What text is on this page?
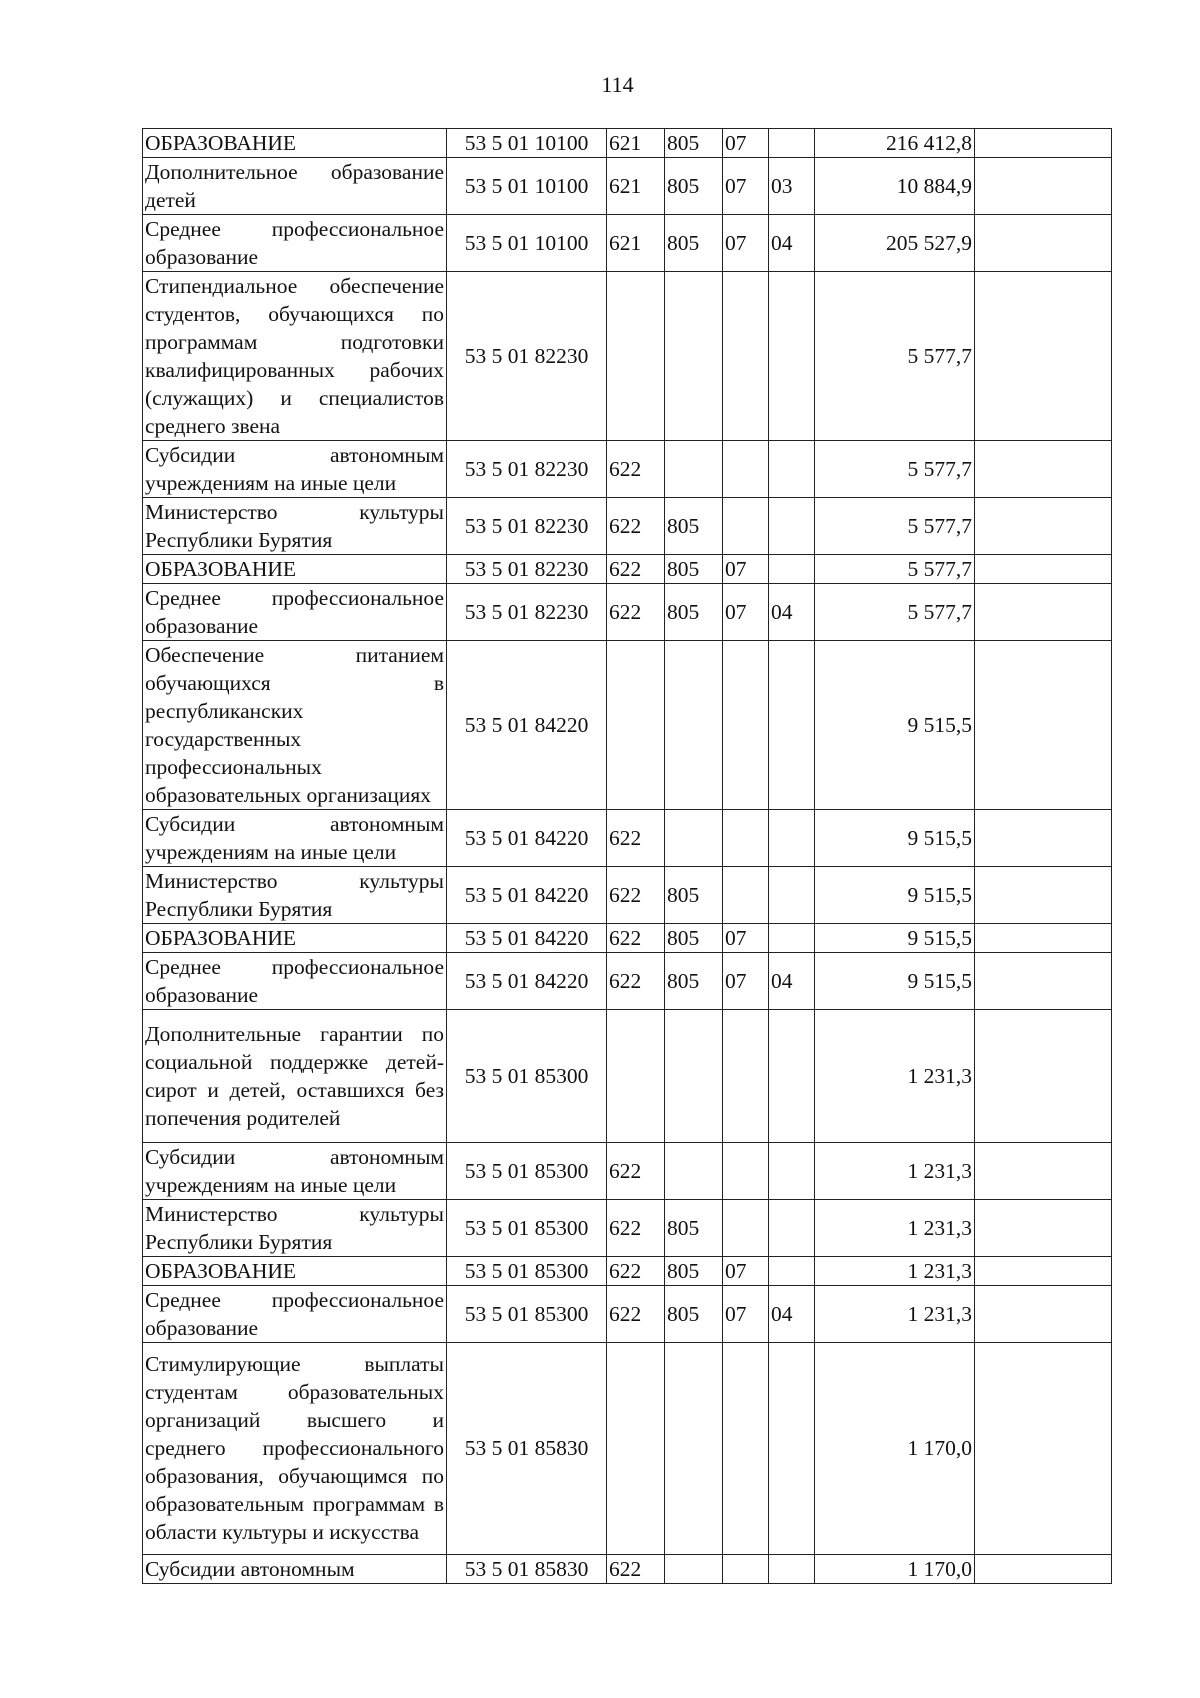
114
ОБРАЗОВАНИЕ	53 5 01 10100	621	805	07		216 412,8	
Дополнительное образование детей	53 5 01 10100	621	805	07	03	10 884,9	
Среднее профессиональное образование	53 5 01 10100	621	805	07	04	205 527,9	
Стипендиальное обеспечение студентов, обучающихся по программам подготовки квалифицированных рабочих (служащих) и специалистов среднего звена	53 5 01 82230					5 577,7	
Субсидии автономным учреждениям на иные цели	53 5 01 82230	622				5 577,7	
Министерство культуры Республики Бурятия	53 5 01 82230	622	805			5 577,7	
ОБРАЗОВАНИЕ	53 5 01 82230	622	805	07		5 577,7	
Среднее профессиональное образование	53 5 01 82230	622	805	07	04	5 577,7	
Обеспечение питанием обучающихся в республиканских государственных профессиональных образовательных организациях	53 5 01 84220					9 515,5	
Субсидии автономным учреждениям на иные цели	53 5 01 84220	622				9 515,5	
Министерство культуры Республики Бурятия	53 5 01 84220	622	805			9 515,5	
ОБРАЗОВАНИЕ	53 5 01 84220	622	805	07		9 515,5	
Среднее профессиональное образование	53 5 01 84220	622	805	07	04	9 515,5	
Дополнительные гарантии по социальной поддержке детей-сирот и детей, оставшихся без попечения родителей	53 5 01 85300					1 231,3	
Субсидии автономным учреждениям на иные цели	53 5 01 85300	622				1 231,3	
Министерство культуры Республики Бурятия	53 5 01 85300	622	805			1 231,3	
ОБРАЗОВАНИЕ	53 5 01 85300	622	805	07		1 231,3	
Среднее профессиональное образование	53 5 01 85300	622	805	07	04	1 231,3	
Стимулирующие выплаты студентам образовательных организаций высшего и среднего профессионального образования, обучающимся по образовательным программам в области культуры и искусства	53 5 01 85830					1 170,0	
Субсидии автономным	53 5 01 85830	622				1 170,0	
